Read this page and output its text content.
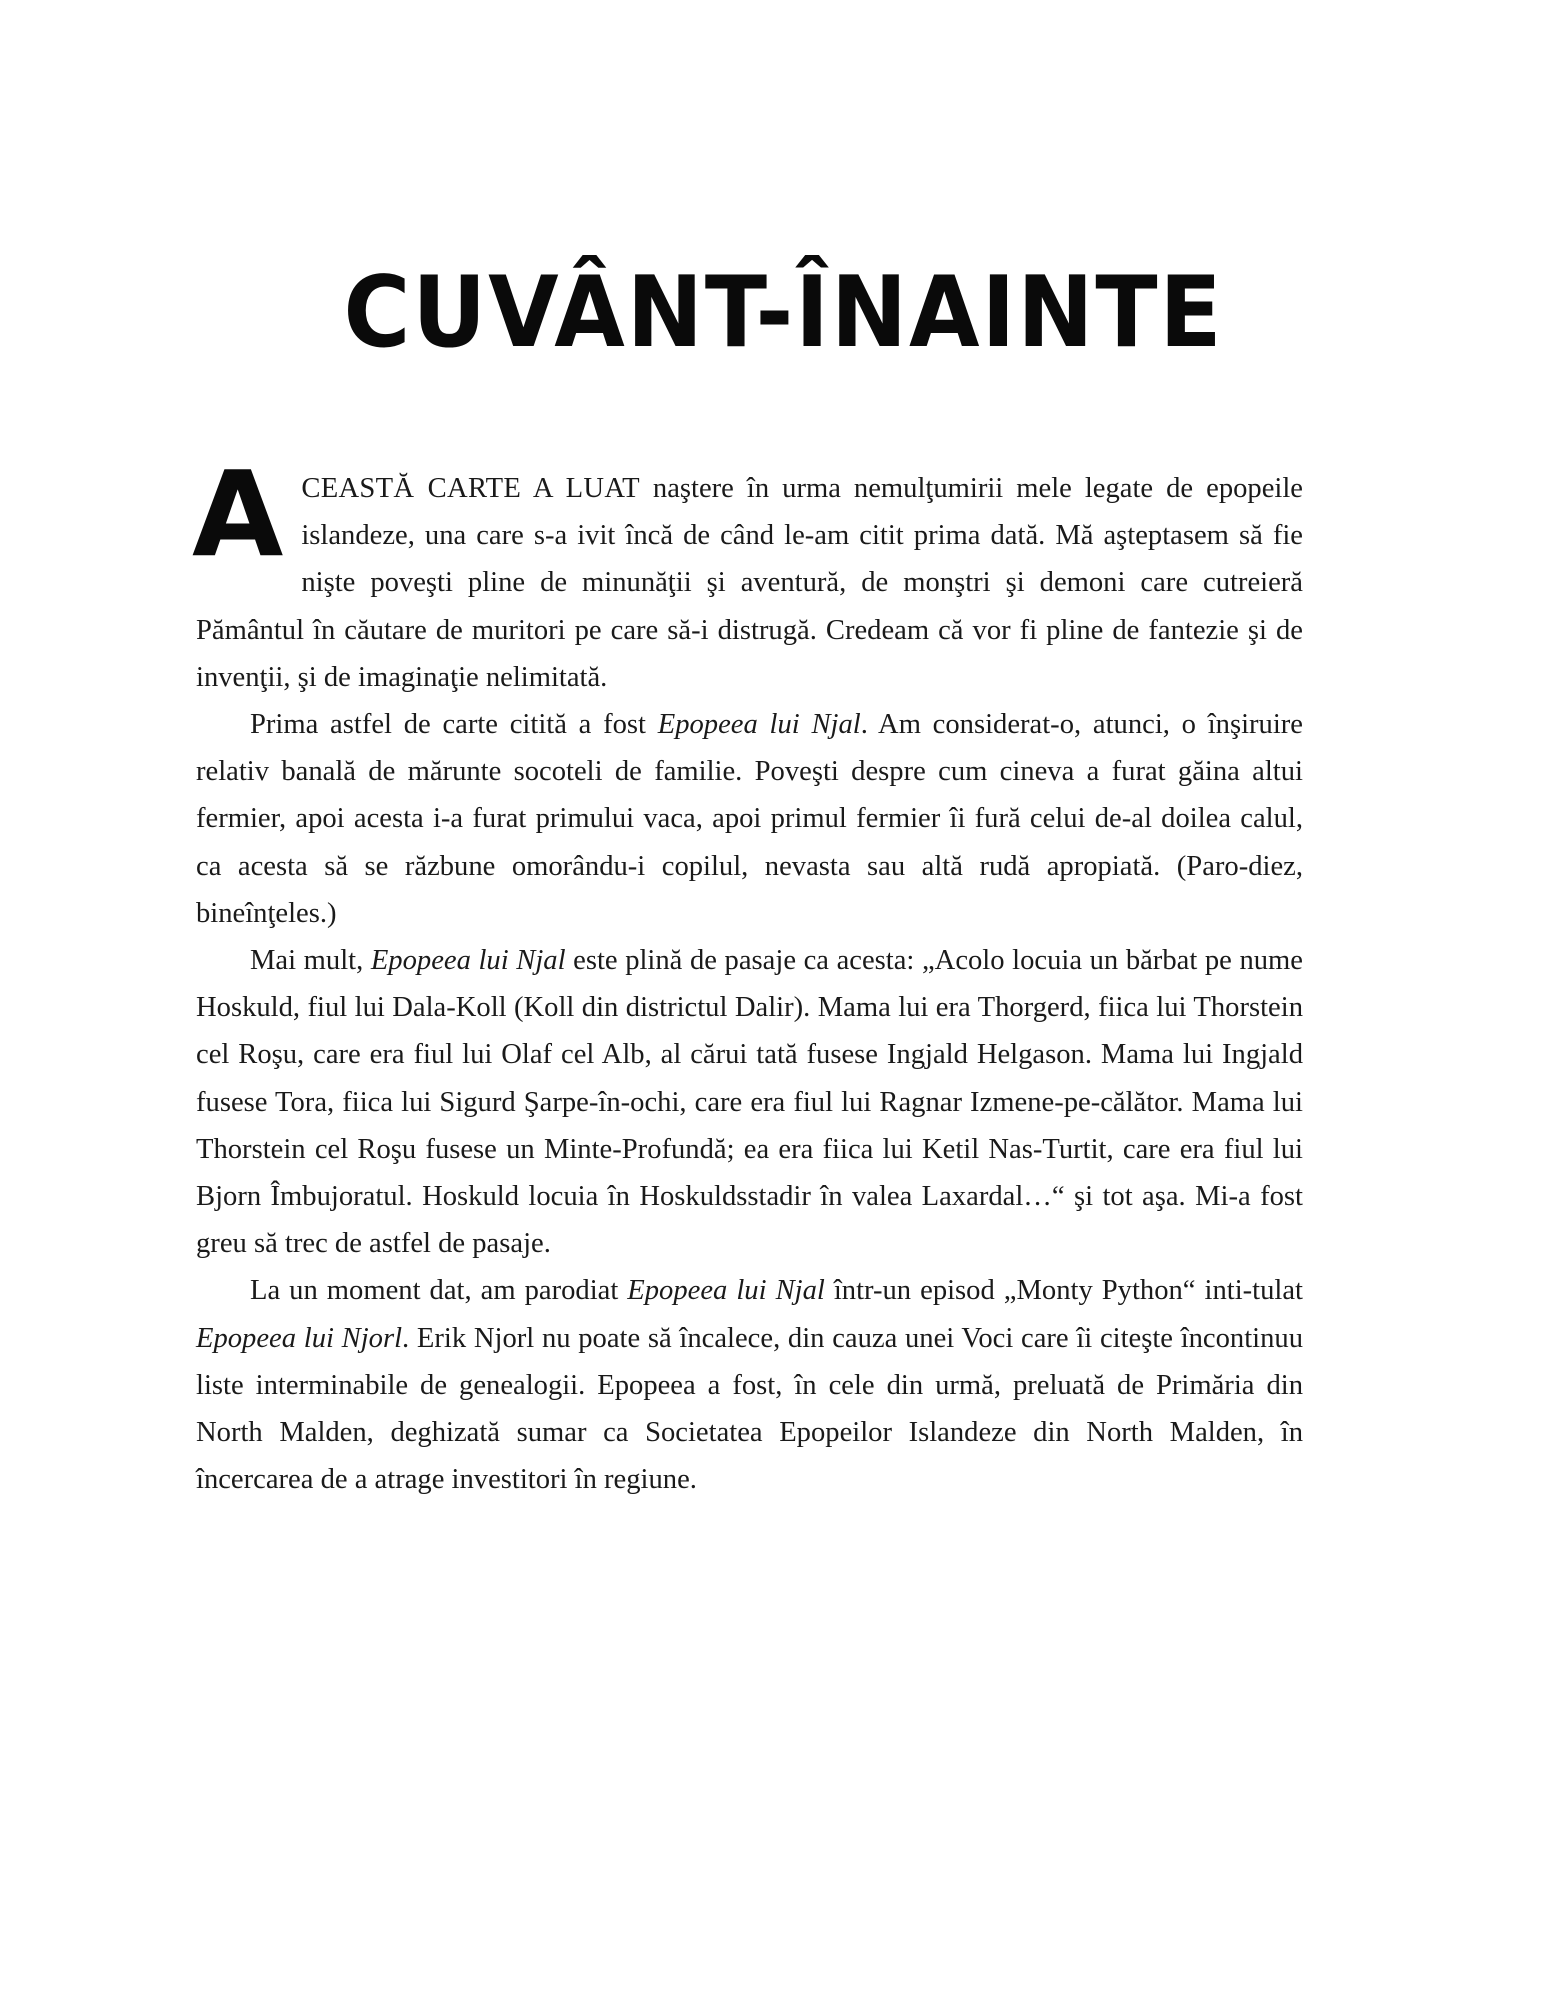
CUVÂNT-ÎNAINTE

ACEASTĂ CARTE A LUAT naştere în urma nemulţumirii mele legate de epopeile islandeze, una care s-a ivit încă de când le-am citit prima dată. Mă aşteptasem să fie nişte poveşti pline de minunăţii şi aventură, de monştri şi demoni care cutreieră Pământul în căutare de muritori pe care să-i distrugă. Credeam că vor fi pline de fantezie şi de invenţii, şi de imaginaţie nelimitată.

Prima astfel de carte citită a fost Epopeea lui Njal. Am considerat-o, atunci, o înşiruire relativ banală de mărunte socoteli de familie. Poveşti despre cum cineva a furat găina altui fermier, apoi acesta i-a furat primului vaca, apoi primul fermier îi fură celui de-al doilea calul, ca acesta să se răzbune omorându-i copilul, nevasta sau altă rudă apropiată. (Paro-diez, bineînţeles.)

Mai mult, Epopeea lui Njal este plină de pasaje ca acesta: „Acolo locuia un bărbat pe nume Hoskuld, fiul lui Dala-Koll (Koll din districtul Dalir). Mama lui era Thorgerd, fiica lui Thorstein cel Roşu, care era fiul lui Olaf cel Alb, al cărui tată fusese Ingjald Helgason. Mama lui Ingjald fusese Tora, fiica lui Sigurd Şarpe-în-ochi, care era fiul lui Ragnar Izmene-pe-călător. Mama lui Thorstein cel Roşu fusese un Minte-Profundă; ea era fiica lui Ketil Nas-Turtit, care era fiul lui Bjorn Îmbujoratul. Hoskuld locuia în Hoskuldsstadir în valea Laxardal…“ şi tot aşa. Mi-a fost greu să trec de astfel de pasaje.

La un moment dat, am parodiat Epopeea lui Njal într-un episod „Monty Python“ inti-tulat Epopeea lui Njorl. Erik Njorl nu poate să încalece, din cauza unei Voci care îi citeşte încontinuu liste interminabile de genealogii. Epopeea a fost, în cele din urmă, preluată de Primăria din North Malden, deghizată sumar ca Societatea Epopeilor Islandeze din North Malden, în încercarea de a atrage investitori în regiune.
